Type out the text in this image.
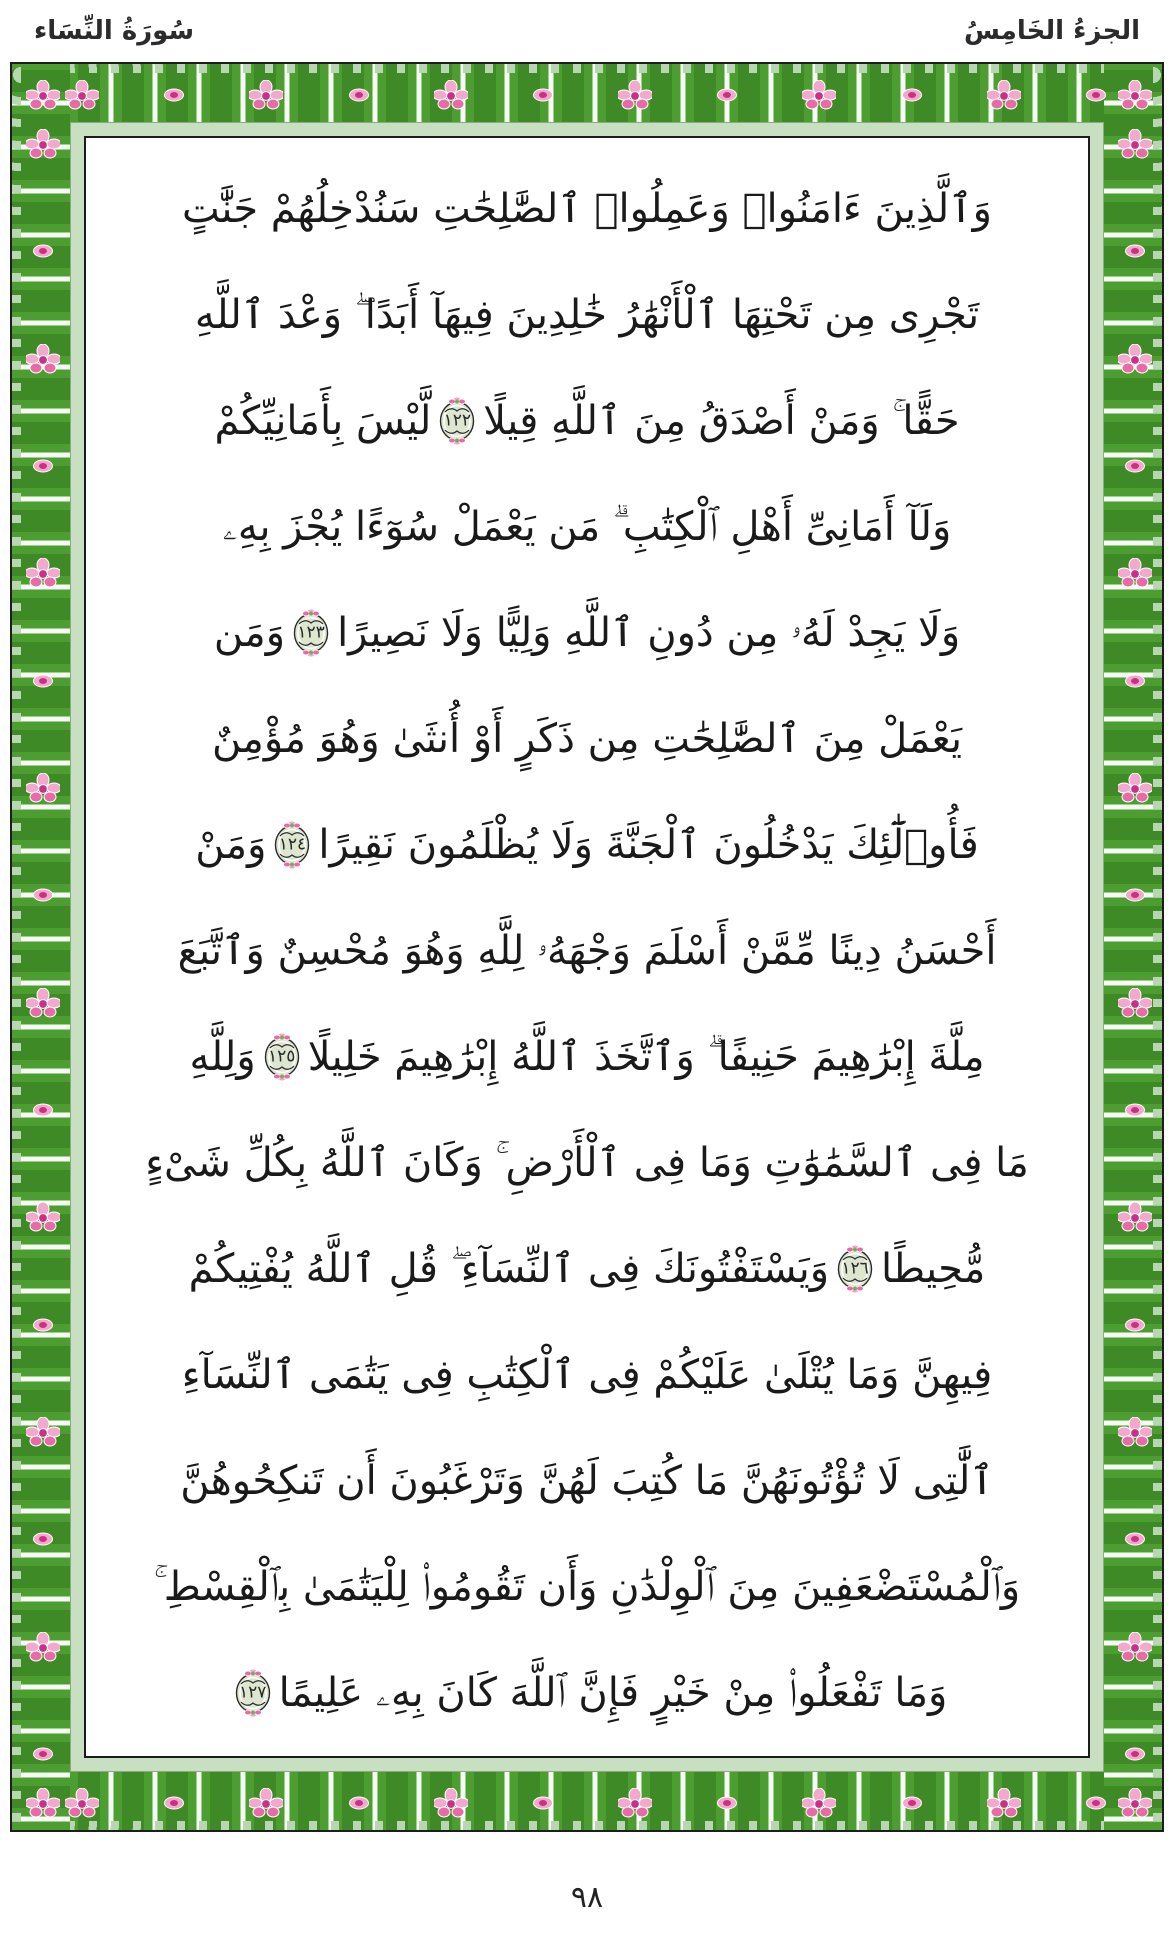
سُورَةُ النِّسَاء	الجزءُ الخَامِسُ
وَٱلَّذِينَ ءَامَنُوا۟ وَعَمِلُوا۟ ٱلصَّٰلِحَٰتِ سَنُدْخِلُهُمْ جَنَّٰتٍ
تَجْرِى مِن تَحْتِهَا ٱلْأَنْهَٰرُ خَٰلِدِينَ فِيهَآ أَبَدًا ۖ وَعْدَ ٱللَّهِ
حَقًّا ۚ وَمَنْ أَصْدَقُ مِنَ ٱللَّهِ قِيلًا
١٢٢
لَّيْسَ بِأَمَانِيِّكُمْ
وَلَآ أَمَانِىِّ أَهْلِ ٱلْكِتَٰبِ ۗ مَن يَعْمَلْ سُوٓءًا يُجْزَ بِهِۦ
وَلَا يَجِدْ لَهُۥ مِن دُونِ ٱللَّهِ وَلِيًّا وَلَا نَصِيرًا
١٢٣
وَمَن
يَعْمَلْ مِنَ ٱلصَّٰلِحَٰتِ مِن ذَكَرٍ أَوْ أُنثَىٰ وَهُوَ مُؤْمِنٌ
فَأُو۟لَٰٓئِكَ يَدْخُلُونَ ٱلْجَنَّةَ وَلَا يُظْلَمُونَ نَقِيرًا
١٢٤
وَمَنْ
أَحْسَنُ دِينًا مِّمَّنْ أَسْلَمَ وَجْهَهُۥ لِلَّهِ وَهُوَ مُحْسِنٌ وَٱتَّبَعَ
مِلَّةَ إِبْرَٰهِيمَ حَنِيفًا ۗ وَٱتَّخَذَ ٱللَّهُ إِبْرَٰهِيمَ خَلِيلًا
١٢٥
وَلِلَّهِ
مَا فِى ٱلسَّمَٰوَٰتِ وَمَا فِى ٱلْأَرْضِ ۚ وَكَانَ ٱللَّهُ بِكُلِّ شَىْءٍ
مُّحِيطًا
١٢٦
وَيَسْتَفْتُونَكَ فِى ٱلنِّسَآءِ ۖ قُلِ ٱللَّهُ يُفْتِيكُمْ
فِيهِنَّ وَمَا يُتْلَىٰ عَلَيْكُمْ فِى ٱلْكِتَٰبِ فِى يَتَٰمَى ٱلنِّسَآءِ
ٱلَّٰتِى لَا تُؤْتُونَهُنَّ مَا كُتِبَ لَهُنَّ وَتَرْغَبُونَ أَن تَنكِحُوهُنَّ
وَٱلْمُسْتَضْعَفِينَ مِنَ ٱلْوِلْدَٰنِ وَأَن تَقُومُوا۟ لِلْيَتَٰمَىٰ بِٱلْقِسْطِ ۚ
وَمَا تَفْعَلُوا۟ مِنْ خَيْرٍ فَإِنَّ ٱللَّهَ كَانَ بِهِۦ عَلِيمًا
١٢٧
٩٨
